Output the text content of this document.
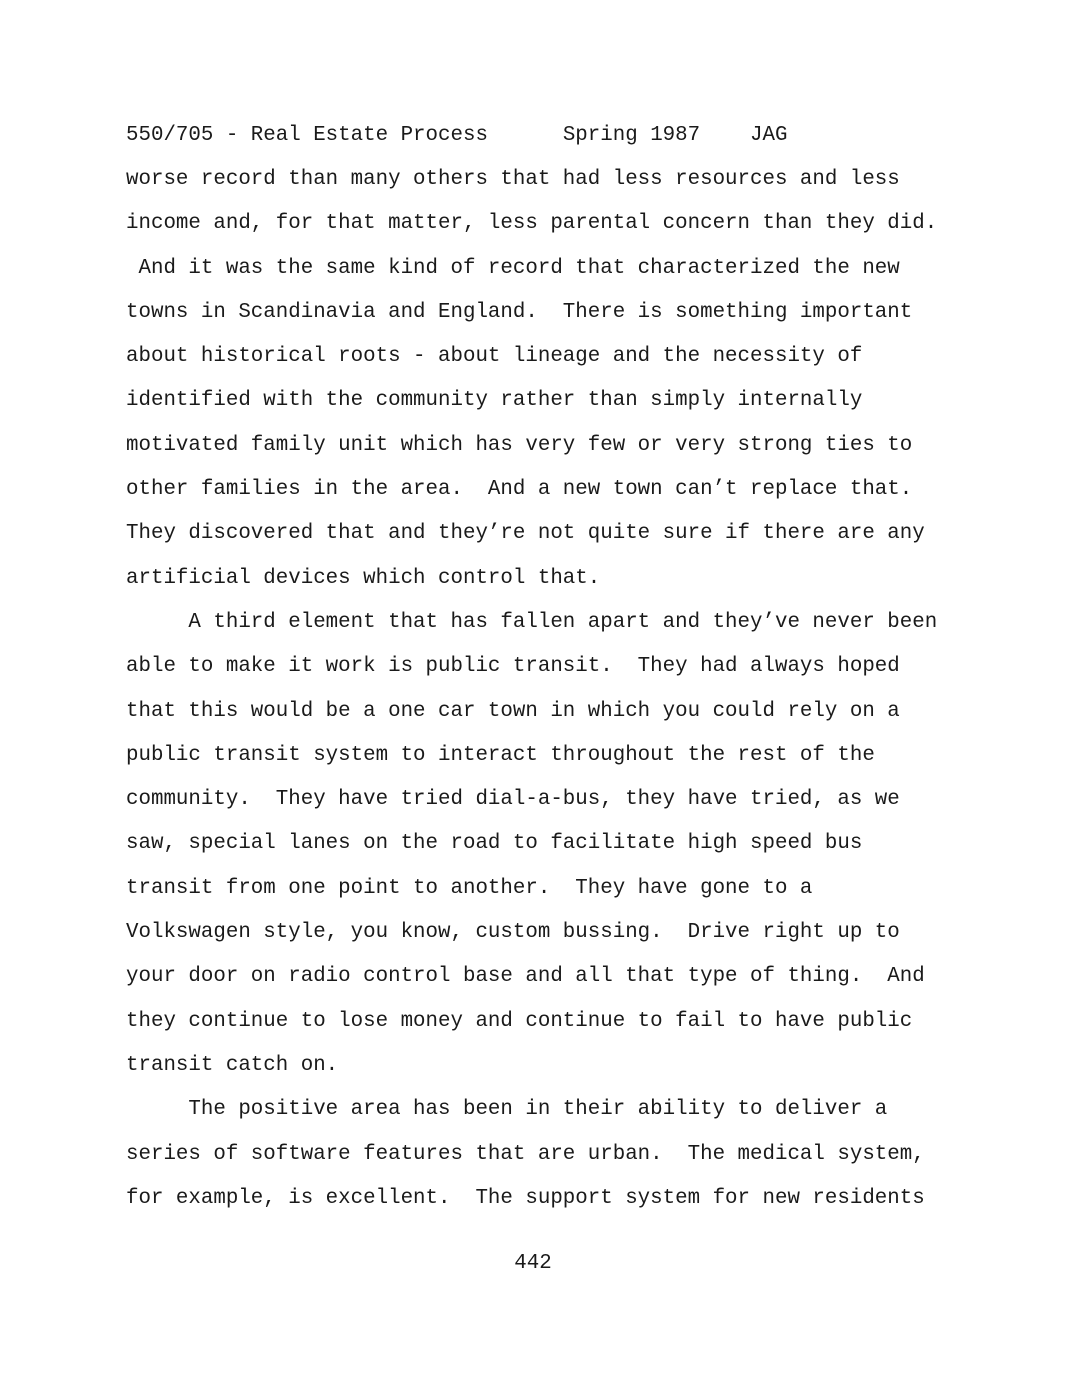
550/705 - Real Estate Process	Spring 1987 JAG
worse record than many others that had less resources and less
income and, for that matter, less parental concern than they did.
And it was the same kind of record that characterized the new
towns in Scandinavia and England.  There is something important
about historical roots - about lineage and the necessity of
identified with the community rather than simply internally
motivated family unit which has very few or very strong ties to
other families in the area.  And a new town can’t replace that.
They discovered that and they’re not quite sure if there are any
artificial devices which control that.
A third element that has fallen apart and they’ve never been
able to make it work is public transit.  They had always hoped
that this would be a one car town in which you could rely on a
public transit system to interact throughout the rest of the
community.  They have tried dial-a-bus, they have tried, as we
saw, special lanes on the road to facilitate high speed bus
transit from one point to another.  They have gone to a
Volkswagen style, you know, custom bussing.  Drive right up to
your door on radio control base and all that type of thing.  And
they continue to lose money and continue to fail to have public
transit catch on.
The positive area has been in their ability to deliver a
series of software features that are urban.  The medical system,
for example, is excellent.  The support system for new residents
442
